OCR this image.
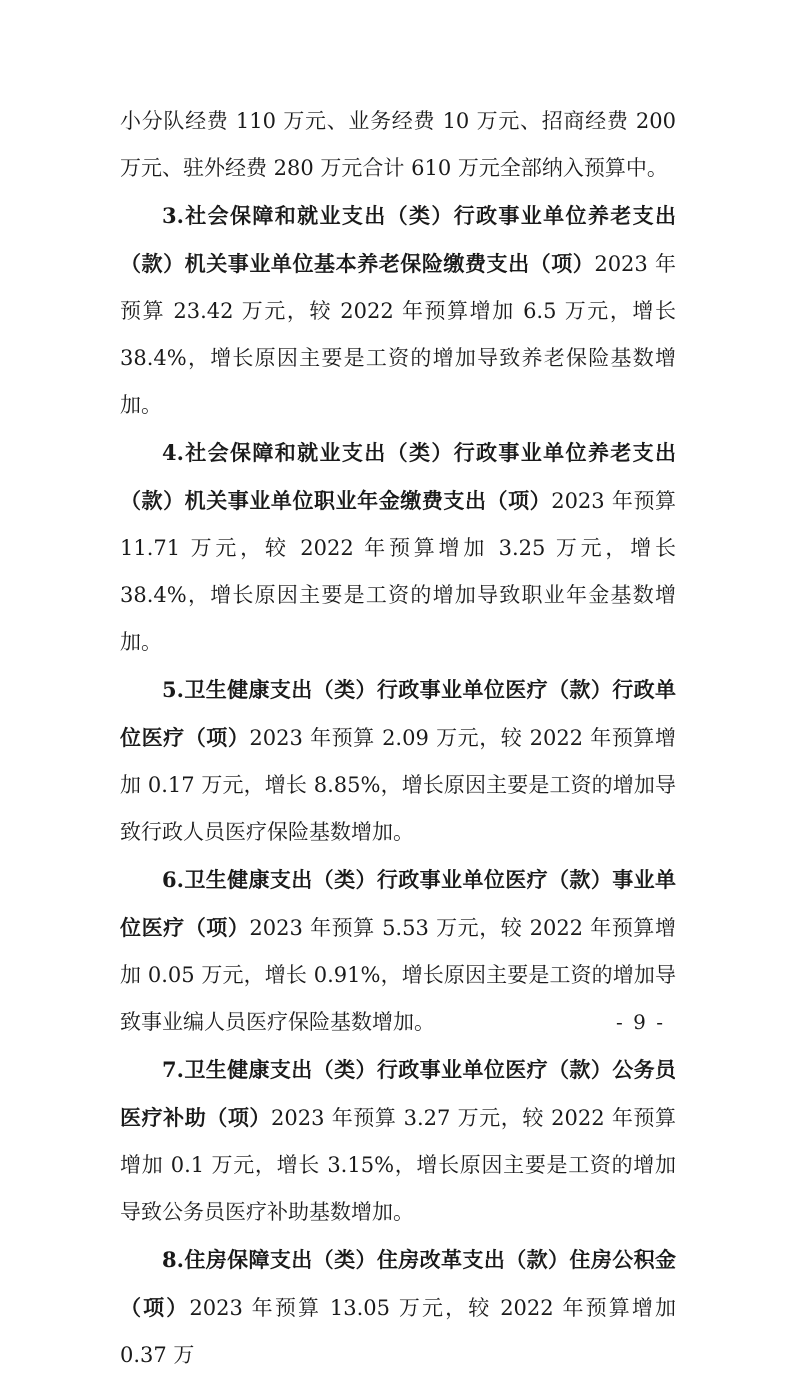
小分队经费 110 万元、业务经费 10 万元、招商经费 200 万元、驻外经费 280 万元合计 610 万元全部纳入预算中。

3.社会保障和就业支出（类）行政事业单位养老支出（款）机关事业单位基本养老保险缴费支出（项）2023 年预算 23.42 万元，较 2022 年预算增加 6.5 万元，增长 38.4%，增长原因主要是工资的增加导致养老保险基数增加。

4.社会保障和就业支出（类）行政事业单位养老支出（款）机关事业单位职业年金缴费支出（项）2023 年预算 11.71 万元，较 2022 年预算增加 3.25 万元，增长 38.4%，增长原因主要是工资的增加导致职业年金基数增加。

5.卫生健康支出（类）行政事业单位医疗（款）行政单位医疗（项）2023 年预算 2.09 万元，较 2022 年预算增加 0.17 万元，增长 8.85%，增长原因主要是工资的增加导致行政人员医疗保险基数增加。

6.卫生健康支出（类）行政事业单位医疗（款）事业单位医疗（项）2023 年预算 5.53 万元，较 2022 年预算增加 0.05 万元，增长 0.91%，增长原因主要是工资的增加导致事业编人员医疗保险基数增加。

7.卫生健康支出（类）行政事业单位医疗（款）公务员医疗补助（项）2023 年预算 3.27 万元，较 2022 年预算增加 0.1 万元，增长 3.15%，增长原因主要是工资的增加导致公务员医疗补助基数增加。

8.住房保障支出（类）住房改革支出（款）住房公积金（项）2023 年预算 13.05 万元，较 2022 年预算增加 0.37 万

- 9 -
